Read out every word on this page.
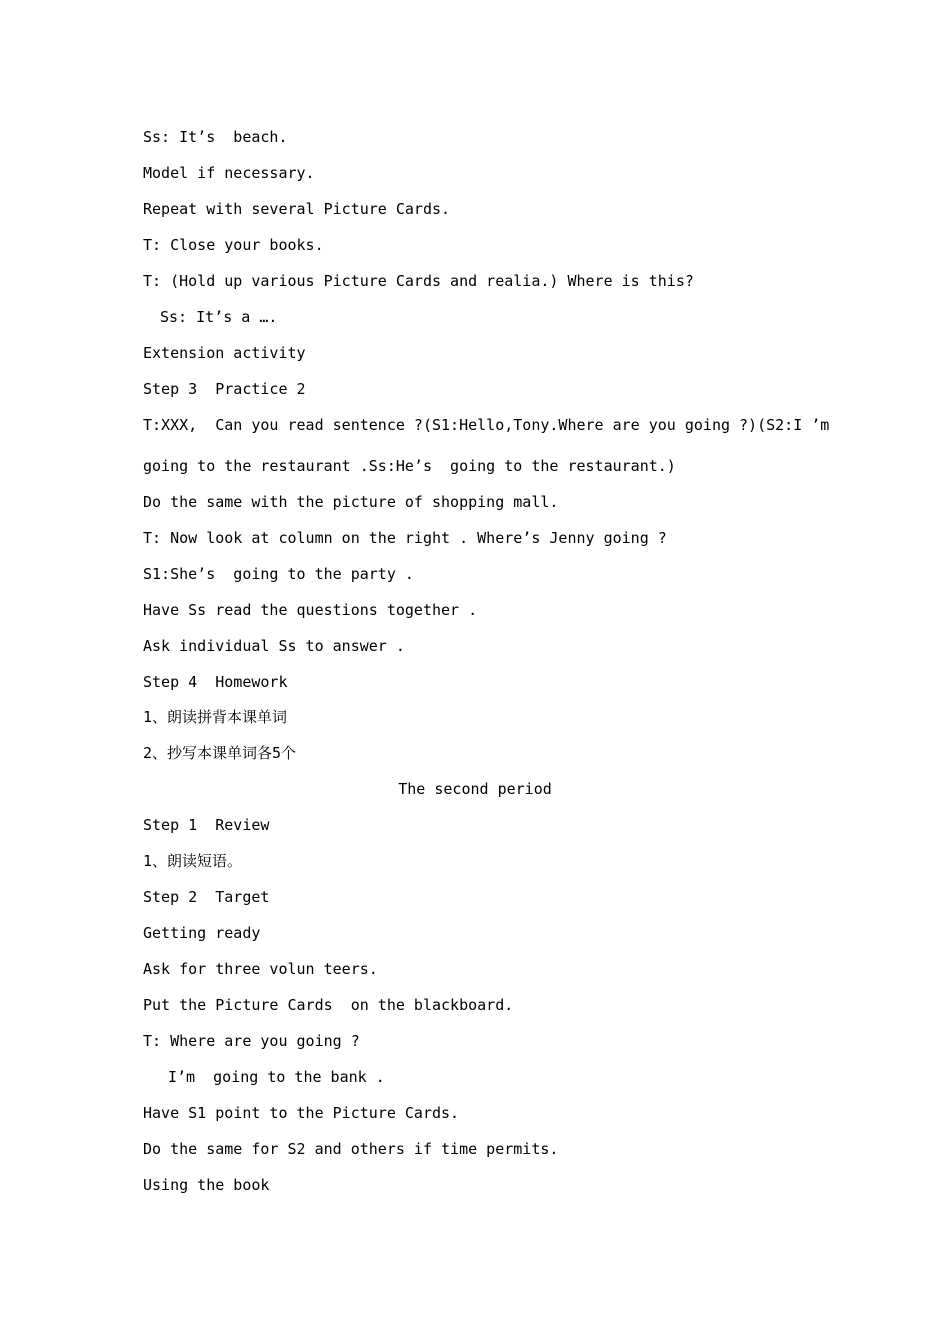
Ss: It’s  beach.
Model if necessary.
Repeat with several Picture Cards.
T: Close your books.
T: (Hold up various Picture Cards and realia.) Where is this?
Ss: It’s a ….
Extension activity
Step 3  Practice 2
T:XXX,  Can you read sentence ?(S1:Hello,Tony.Where are you going ?)(S2:I ’m
going to the restaurant .Ss:He’s  going to the restaurant.)
Do the same with the picture of shopping mall.
T: Now look at column on the right . Where’s Jenny going ?
S1:She’s  going to the party .
Have Ss read the questions together .
Ask individual Ss to answer .
Step 4  Homework
1、朗读拼背本课单词
2、抄写本课单词各5个
The second period
Step 1  Review
1、朗读短语。
Step 2  Target
Getting ready
Ask for three volun teers.
Put the Picture Cards  on the blackboard.
T: Where are you going ?
I’m  going to the bank .
Have S1 point to the Picture Cards.
Do the same for S2 and others if time permits.
Using the book
